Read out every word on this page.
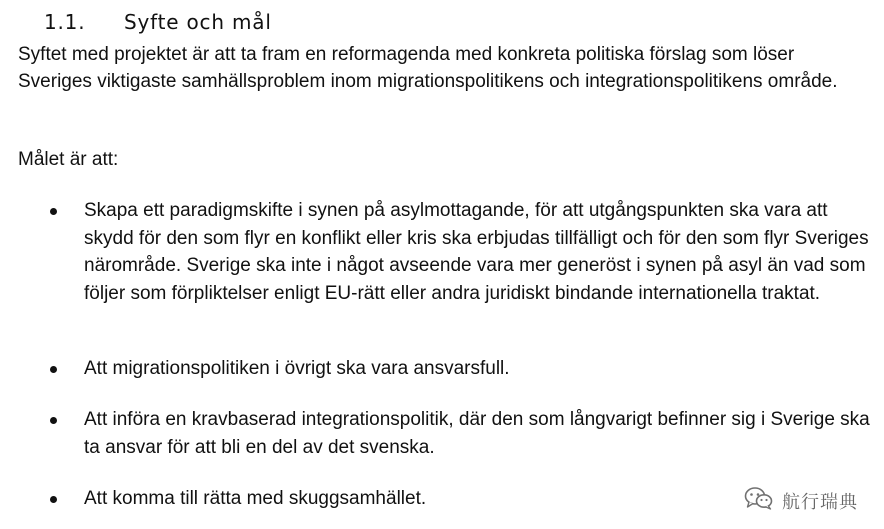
1.1. Syfte och mål
Syftet med projektet är att ta fram en reformagenda med konkreta politiska förslag som löser Sveriges viktigaste samhällsproblem inom migrationspolitikens och integrationspolitikens område.
Målet är att:
Skapa ett paradigmskifte i synen på asylmottagande, för att utgångspunkten ska vara att skydd för den som flyr en konflikt eller kris ska erbjudas tillfälligt och för den som flyr Sveriges närområde. Sverige ska inte i något avseende vara mer generöst i synen på asyl än vad som följer som förpliktelser enligt EU-rätt eller andra juridiskt bindande internationella traktat.
Att migrationspolitiken i övrigt ska vara ansvarsfull.
Att införa en kravbaserad integrationspolitik, där den som långvarigt befinner sig i Sverige ska ta ansvar för att bli en del av det svenska.
Att komma till rätta med skuggsamhället.	航行瑞典
